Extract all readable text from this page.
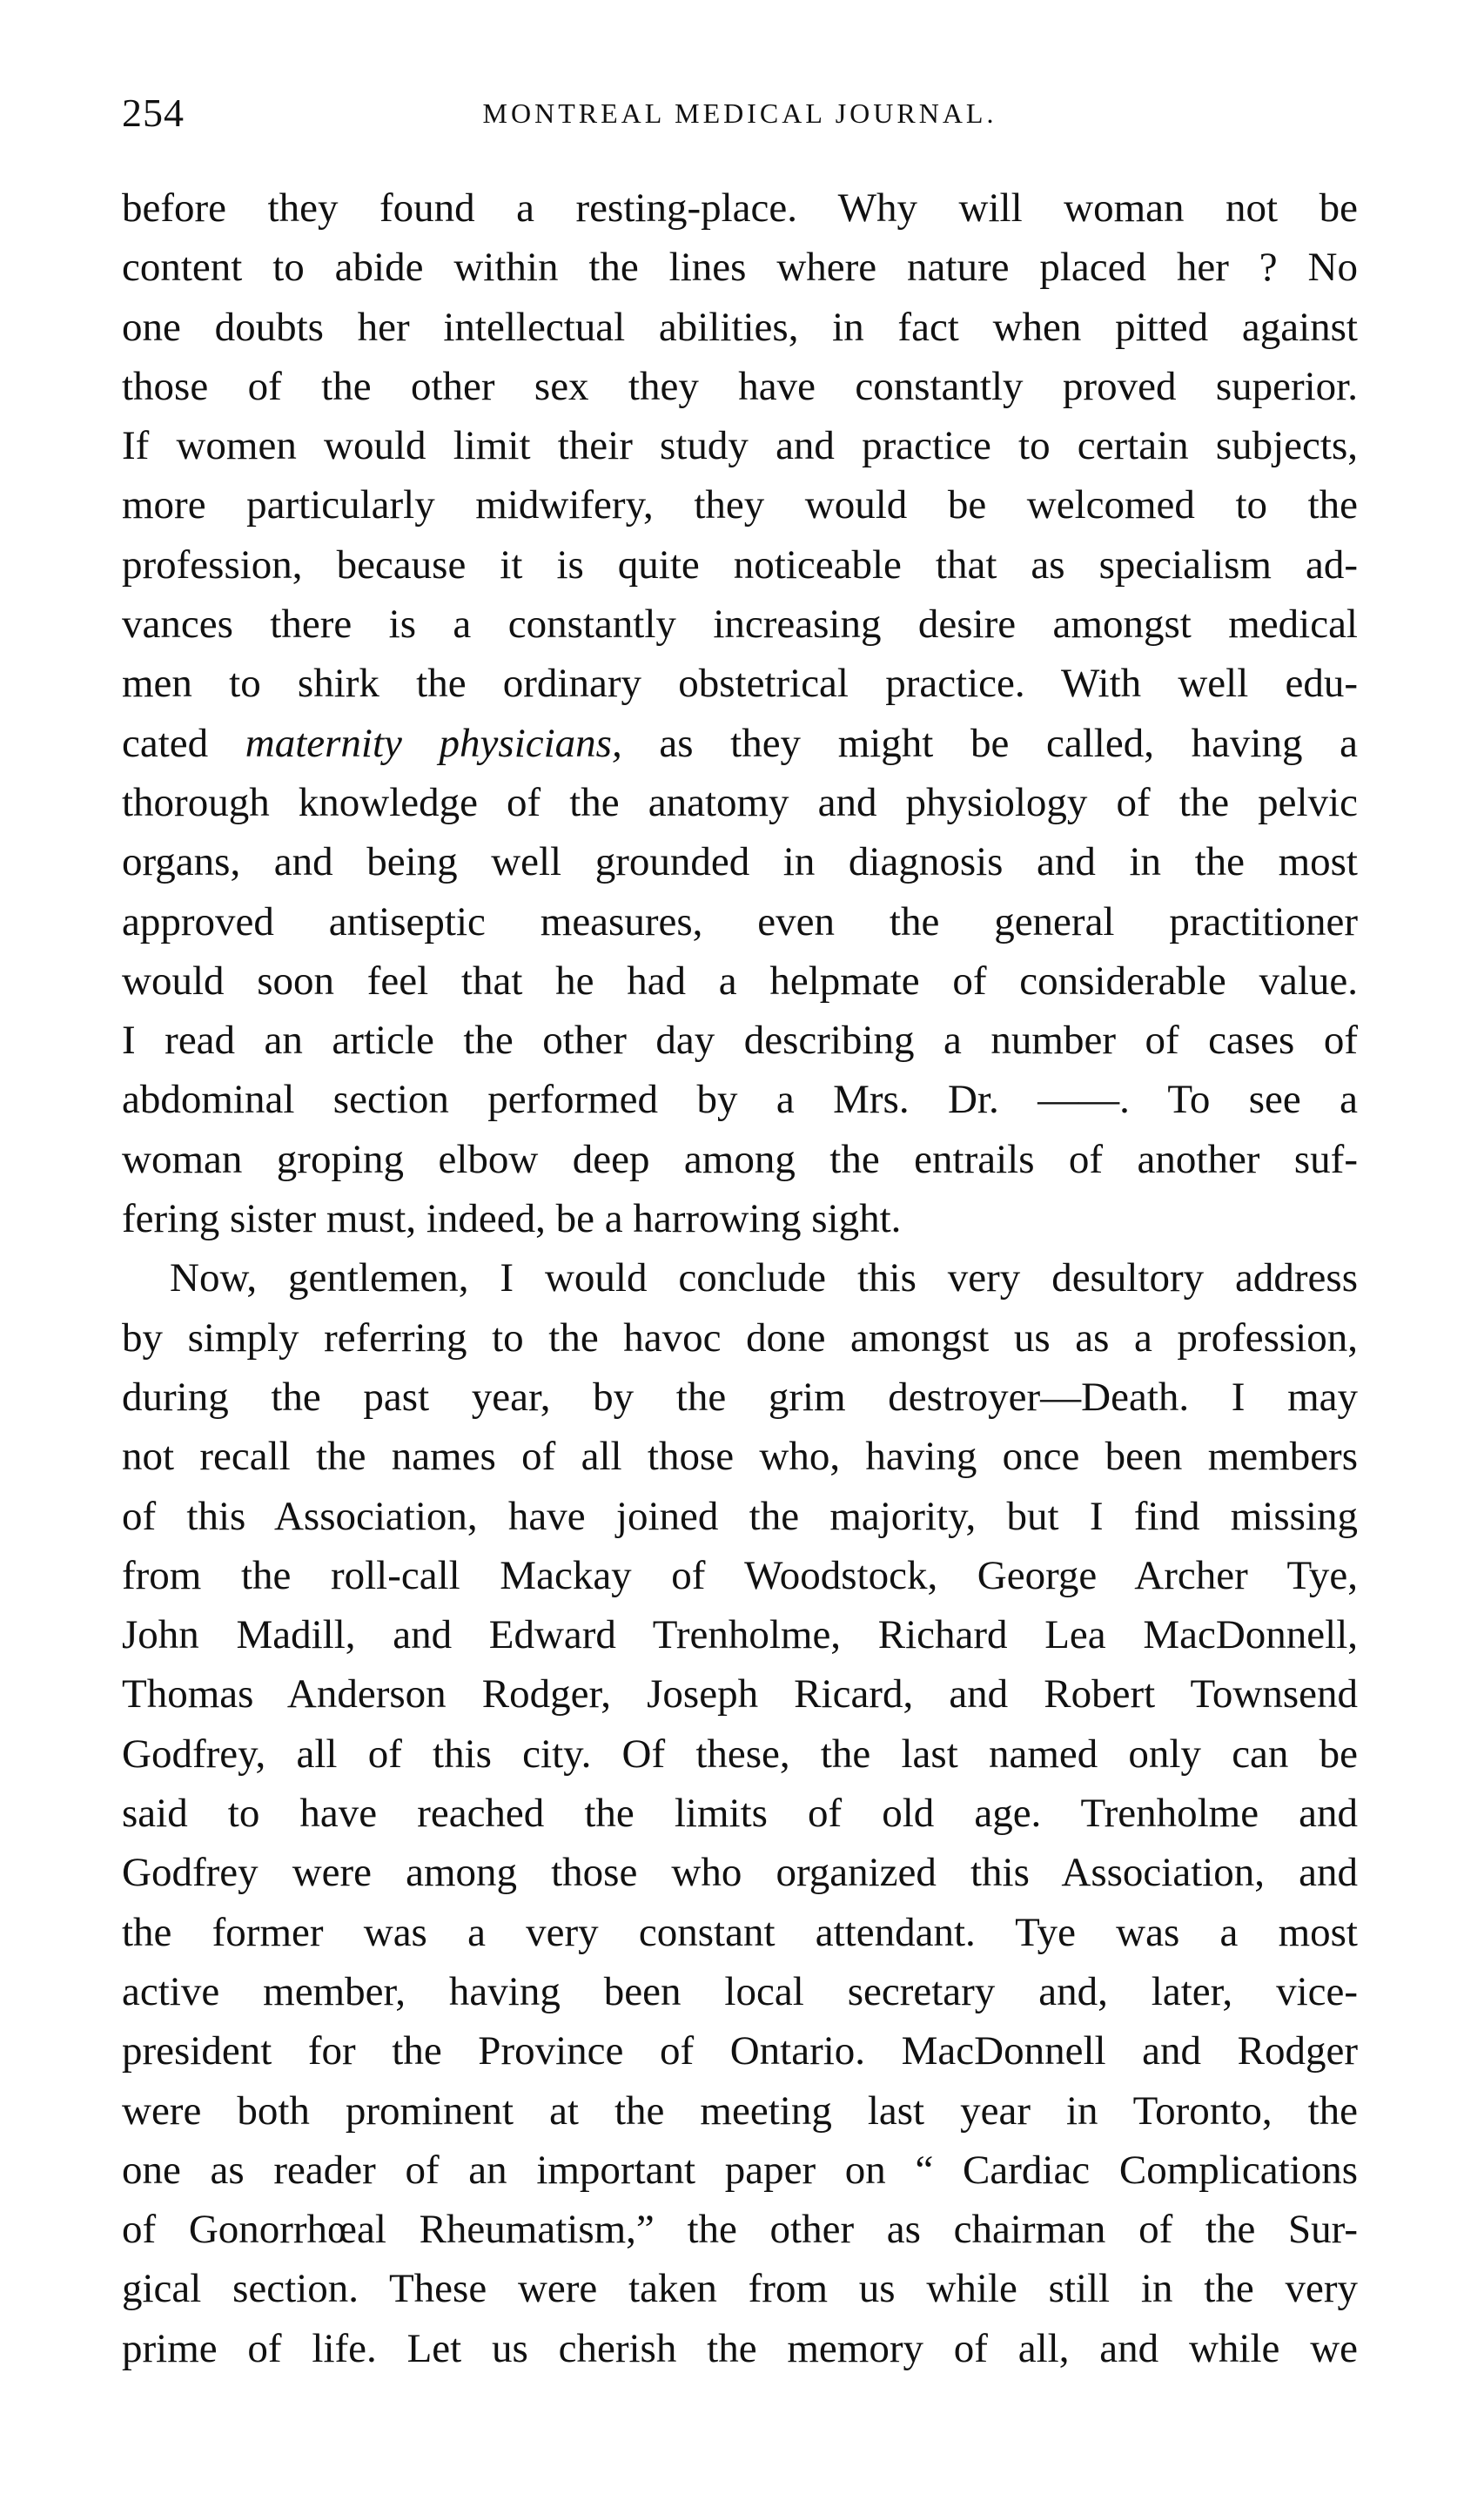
254	MONTREAL MEDICAL JOURNAL.
before they found a resting-place. Why will woman not be
content to abide within the lines where nature placed her ? No
one doubts her intellectual abilities, in fact when pitted against
those of the other sex they have constantly proved superior.
If women would limit their study and practice to certain subjects,
more particularly midwifery, they would be welcomed to the
profession, because it is quite noticeable that as specialism ad-
vances there is a constantly increasing desire amongst medical
men to shirk the ordinary obstetrical practice. With well edu-
cated maternity physicians, as they might be called, having a
thorough knowledge of the anatomy and physiology of the pelvic
organs, and being well grounded in diagnosis and in the most
approved antiseptic measures, even the general practitioner
would soon feel that he had a helpmate of considerable value.
I read an article the other day describing a number of cases of
abdominal section performed by a Mrs. Dr. ——. To see a
woman groping elbow deep among the entrails of another suf-
fering sister must, indeed, be a harrowing sight.
Now, gentlemen, I would conclude this very desultory address
by simply referring to the havoc done amongst us as a profession,
during the past year, by the grim destroyer—Death. I may
not recall the names of all those who, having once been members
of this Association, have joined the majority, but I find missing
from the roll-call Mackay of Woodstock, George Archer Tye,
John Madill, and Edward Trenholme, Richard Lea MacDonnell,
Thomas Anderson Rodger, Joseph Ricard, and Robert Townsend
Godfrey, all of this city. Of these, the last named only can be
said to have reached the limits of old age. Trenholme and
Godfrey were among those who organized this Association, and
the former was a very constant attendant. Tye was a most
active member, having been local secretary and, later, vice-
president for the Province of Ontario. MacDonnell and Rodger
were both prominent at the meeting last year in Toronto, the
one as reader of an important paper on “ Cardiac Complications
of Gonorrhœal Rheumatism,” the other as chairman of the Sur-
gical section. These were taken from us while still in the very
prime of life. Let us cherish the memory of all, and while we
